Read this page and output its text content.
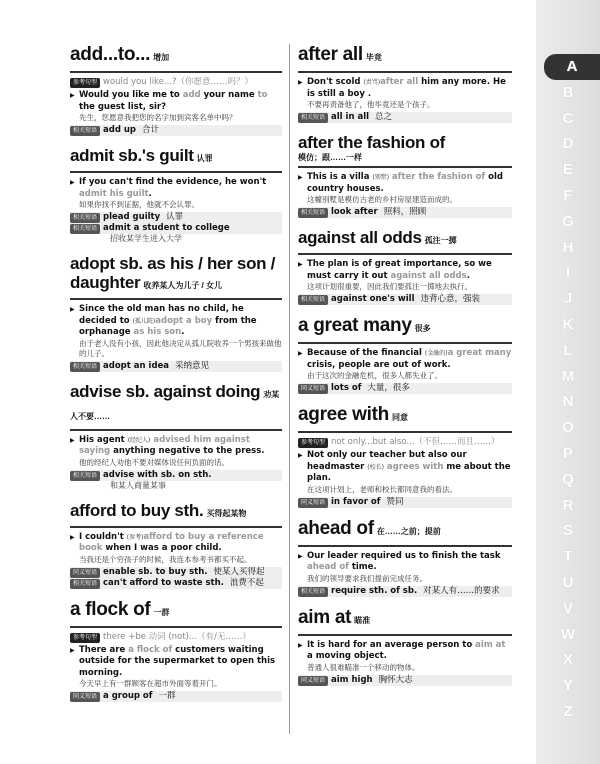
add...to... 增加
参考句型 would you like...?（你愿意……吗？）
▶ Would you like me to add your name to the guest list, sir?
先生，您愿意我把您的名字加到宾客名单中吗？
相关短语 add up 合计
admit sb.'s guilt 认罪
▶ If you can't find the evidence, he won't admit his guilt.
如果你找不到证据，他就不会认罪。
相关短语 plead guilty 认罪
相关短语 admit a student to college
招收某学生进入大学
adopt sb. as his / her son / daughter 收养某人为儿子 / 女儿
▶ Since the old man has no child, he decided to (孤儿院)adopt a boy from the orphanage as his son.
由于老人没有小孩，因此他决定从孤儿院收养一个男孩来做他的儿子。
相关短语 adopt an idea 采纳意见
advise sb. against doing 劝某人不要……
▶ His agent (经纪人) advised him against saying anything negative to the press.
他的经纪人劝他不要对媒体说任何负面的话。
相关短语 advise with sb. on sth.
和某人商量某事
afford to buy sth. 买得起某物
▶ I couldn't (参考)afford to buy a reference book when I was a poor child.
当我还是个穷孩子的时候，我连本参考书都买不起。
同义短语 enable sb. to buy sth. 使某人买得起
相关短语 can't afford to waste sth. 浪费不起
a flock of 一群
参考句型 there +be 动词 (not)...（有/无……）
▶ There are a flock of customers waiting outside for the supermarket to open this morning.
今天早上有一群顾客在超市外面等着开门。
同义短语 a group of 一群
after all 毕竟
▶ Don't scold (责骂)after all him any more. He is still a boy .
不要再责备他了，他毕竟还是个孩子。
相关短语 all in all 总之
after the fashion of
模仿；跟……一样
▶ This is a villa (别墅) after the fashion of old country houses.
这幢别墅是模仿古老的乡村房屋建造而成的。
相关短语 look after 照料，照顾
against all odds 孤注一掷
▶ The plan is of great importance, so we must carry it out against all odds.
这项计划很重要，因此我们要孤注一掷地去执行。
相关短语 against one's will 违背心意，强装
a great many 很多
▶ Because of the financial (金融的)a great many crisis, people are out of work.
由于这次的金融危机，很多人都失业了。
同义短语 lots of 大量，很多
agree with 同意
参考句型 not only...but also...（不但……而且……）
▶ Not only our teacher but also our headmaster (校长) agrees with me about the plan.
在这项计划上，老师和校长都同意我的看法。
同义短语 in favor of 赞同
ahead of 在……之前；提前
▶ Our leader required us to finish the task ahead of time.
我们的领导要求我们提前完成任务。
相关短语 require sth. of sb. 对某人有……的要求
aim at 瞄准
▶ It is hard for an average person to aim at a moving object.
普通人很难瞄准一个移动的物体。
同义短语 aim high 胸怀大志
A
B
C
D
E
F
G
H
I
J
K
L
M
N
O
P
Q
R
S
T
U
V
W
X
Y
Z
